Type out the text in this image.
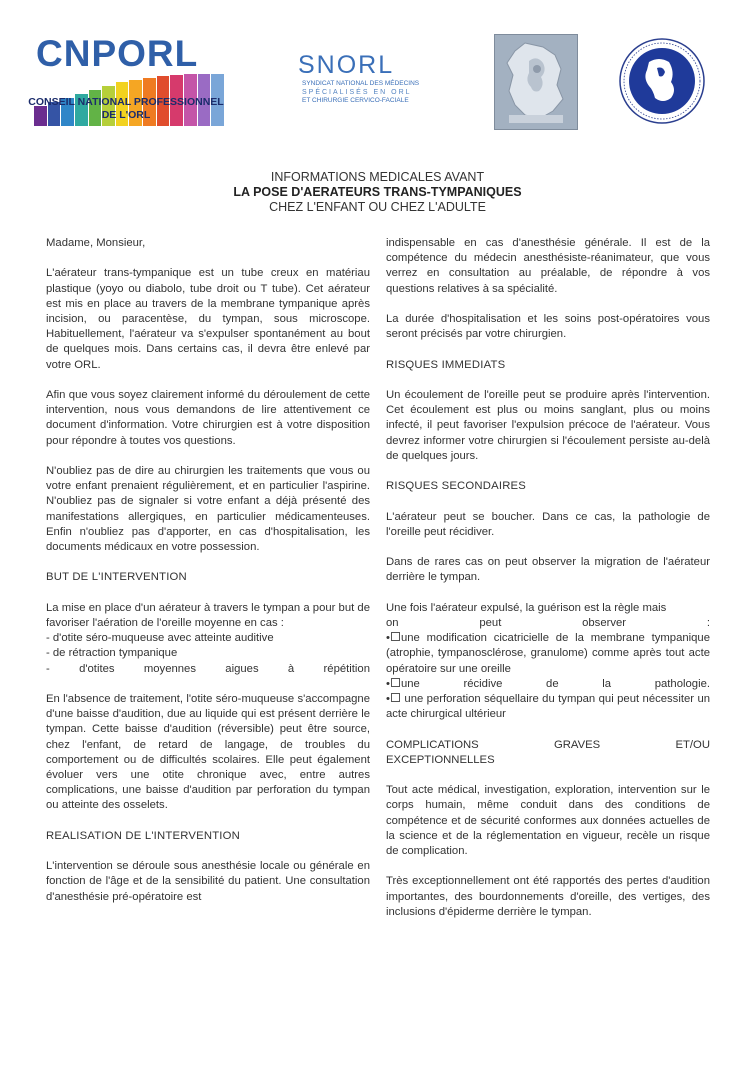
CNPORL
CONSEIL NATIONAL PROFESSIONNEL
DE L'ORL
SNORL
SYNDICAT NATIONAL DES MÉDECINS
SPÉCIALISÉS EN ORL
ET CHIRURGIE CERVICO-FACIALE
INFORMATIONS MEDICALES AVANT
LA POSE D'AERATEURS TRANS-TYMPANIQUES
CHEZ L'ENFANT OU CHEZ L'ADULTE

Madame, Monsieur,

L'aérateur trans-tympanique est un tube creux en matériau plastique (yoyo ou diabolo, tube droit ou T tube). Cet aérateur est mis en place au travers de la membrane tympanique après incision, ou paracentèse, du tympan, sous microscope. Habituellement, l'aérateur va s'expulser spontanément au bout de quelques mois. Dans certains cas, il devra être enlevé par votre ORL.

Afin que vous soyez clairement informé du déroulement de cette intervention, nous vous demandons de lire attentivement ce document d'information. Votre chirurgien est à votre disposition pour répondre à toutes vos questions.

N'oubliez pas de dire au chirurgien les traitements que vous ou votre enfant prenaient régulièrement, et en particulier l'aspirine. N'oubliez pas de signaler si votre enfant a déjà présenté des manifestations allergiques, en particulier médicamenteuses. Enfin n'oubliez pas d'apporter, en cas d'hospitalisation, les documents médicaux en votre possession.

BUT DE L'INTERVENTION

La mise en place d'un aérateur à travers le tympan a pour but de favoriser l'aération de l'oreille moyenne en cas :
- d'otite séro-muqueuse avec atteinte auditive
- de rétraction tympanique
- d'otites moyennes aigues à répétition

En l'absence de traitement, l'otite séro-muqueuse s'accompagne d'une baisse d'audition, due au liquide qui est présent derrière le tympan. Cette baisse d'audition (réversible) peut être source, chez l'enfant, de retard de langage, de troubles du comportement ou de difficultés scolaires. Elle peut également évoluer vers une otite chronique avec, entre autres complications, une baisse d'audition par perforation du tympan ou atteinte des osselets.

REALISATION DE L'INTERVENTION

L'intervention se déroule sous anesthésie locale ou générale en fonction de l'âge et de la sensibilité du patient. Une consultation d'anesthésie pré-opératoire est

indispensable en cas d'anesthésie générale. Il est de la compétence du médecin anesthésiste-réanimateur, que vous verrez en consultation au préalable, de répondre à vos questions relatives à sa spécialité.

La durée d'hospitalisation et les soins post-opératoires vous seront précisés par votre chirurgien.

RISQUES IMMEDIATS

Un écoulement de l'oreille peut se produire après l'intervention. Cet écoulement est plus ou moins sanglant, plus ou moins infecté, il peut favoriser l'expulsion précoce de l'aérateur. Vous devrez informer votre chirurgien si l'écoulement persiste au-delà de quelques jours.

RISQUES SECONDAIRES

L'aérateur peut se boucher. Dans ce cas, la pathologie de l'oreille peut récidiver.

Dans de rares cas on peut observer la migration de l'aérateur derrière le tympan.

Une fois l'aérateur expulsé, la guérison est la règle mais
on peut observer :
• une modification cicatricielle de la membrane tympanique (atrophie, tympanosclérose, granulome) comme après tout acte opératoire sur une oreille
• une récidive de la pathologie.
• une perforation séquellaire du tympan qui peut nécessiter un acte chirurgical ultérieur
COMPLICATIONS GRAVES ET/OU
EXCEPTIONNELLES

Tout acte médical, investigation, exploration, intervention sur le corps humain, même conduit dans des conditions de compétence et de sécurité conformes aux données actuelles de la science et de la réglementation en vigueur, recèle un risque de complication.

Très exceptionnellement ont été rapportés des pertes d'audition importantes, des bourdonnements d'oreille, des vertiges, des inclusions d'épiderme derrière le tympan.
